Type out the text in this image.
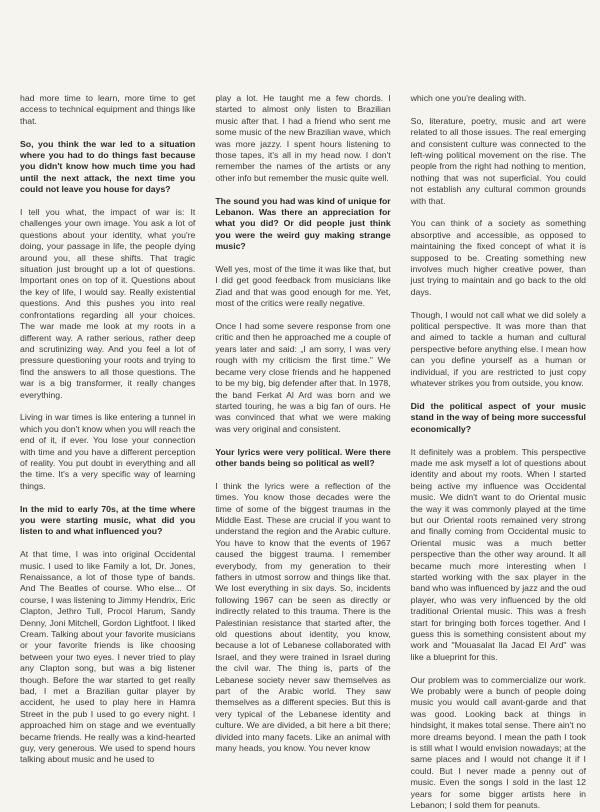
had more time to learn, more time to get access to technical equipment and things like that.

So, you think the war led to a situation where you had to do things fast because you didn't know how much time you had until the next attack, the next time you could not leave you house for days?

I tell you what, the impact of war is: It challenges your own image. You ask a lot of questions about your identity, what you're doing, your passage in life, the people dying around you, all these shifts. That tragic situation just brought up a lot of questions. Important ones on top of it. Questions about the key of life, I would say. Really existential questions. And this pushes you into real confrontations regarding all your choices. The war made me look at my roots in a different way. A rather serious, rather deep and scrutinizing way. And you feel a lot of pressure questioning your roots and trying to find the answers to all those questions. The war is a big transformer, it really changes everything.

Living in war times is like entering a tunnel in which you don't know when you will reach the end of it, if ever. You lose your connection with time and you have a different perception of reality. You put doubt in everything and all the time. It's a very specific way of learning things.

In the mid to early 70s, at the time where you were starting music, what did you listen to and what influenced you?

At that time, I was into original Occidental music. I used to like Family a lot, Dr. Jones, Renaissance, a lot of those type of bands. And The Beatles of course. Who else... Of course, I was listening to Jimmy Hendrix, Eric Clapton, Jethro Tull, Procol Harum, Sandy Denny, Joni Mitchell, Gordon Lightfoot. I liked Cream. Talking about your favorite musicians or your favorite friends is like choosing between your two eyes. I never tried to play any Clapton song, but was a big listener though. Before the war started to get really bad, I met a Brazilian guitar player by accident, he used to play here in Hamra Street in the pub I used to go every night. I approached him on stage and we eventually became friends. He really was a kind-hearted guy, very generous. We used to spend hours talking about music and he used to

play a lot. He taught me a few chords. I started to almost only listen to Brazilian music after that. I had a friend who sent me some music of the new Brazilian wave, which was more jazzy. I spent hours listening to those tapes, it's all in my head now. I don't remember the names of the artists or any other info but remember the music quite well.

The sound you had was kind of unique for Lebanon. Was there an appreciation for what you did? Or did people just think you were the weird guy making strange music?

Well yes, most of the time it was like that, but I did get good feedback from musicians like Ziad and that was good enough for me. Yet, most of the critics were really negative.

Once I had some severe response from one critic and then he approached me a couple of years later and said: „I am sorry, I was very rough with my criticism the first time." We became very close friends and he happened to be my big, big defender after that. In 1978, the band Ferkat Al Ard was born and we started touring, he was a big fan of ours. He was convinced that what we were making was very original and consistent.

Your lyrics were very political. Were there other bands being so political as well?

I think the lyrics were a reflection of the times. You know those decades were the time of some of the biggest traumas in the Middle East. These are crucial if you want to understand the region and the Arabic culture. You have to know that the events of 1967 caused the biggest trauma. I remember everybody, from my generation to their fathers in utmost sorrow and things like that. We lost everything in six days. So, incidents following 1967 can be seen as directly or indirectly related to this trauma. There is the Palestinian resistance that started after, the old questions about identity, you know, because a lot of Lebanese collaborated with Israel, and they were trained in Israel during the civil war. The thing is, parts of the Lebanese society never saw themselves as part of the Arabic world. They saw themselves as a different species. But this is very typical of the Lebanese identity and culture. We are divided, a bit here a bit there; divided into many facets. Like an animal with many heads, you know. You never know

which one you're dealing with.

So, literature, poetry, music and art were related to all those issues. The real emerging and consistent culture was connected to the left-wing political movement on the rise. The people from the right had nothing to mention, nothing that was not superficial. You could not establish any cultural common grounds with that.

You can think of a society as something absorptive and accessible, as opposed to maintaining the fixed concept of what it is supposed to be. Creating something new involves much higher creative power, than just trying to maintain and go back to the old days.

Though, I would not call what we did solely a political perspective. It was more than that and aimed to tackle a human and cultural perspective before anything else. I mean how can you define yourself as a human or individual, if you are restricted to just copy whatever strikes you from outside, you know.

Did the political aspect of your music stand in the way of being more successful economically?

It definitely was a problem. This perspective made me ask myself a lot of questions about identity and about my roots. When I started being active my influence was Occidental music. We didn't want to do Oriental music the way it was commonly played at the time but our Oriental roots remained very strong and finally coming from Occidental music to Oriental music was a much better perspective than the other way around. It all became much more interesting when I started working with the sax player in the band who was influenced by jazz and the oud player, who was very influenced by the old traditional Oriental music. This was a fresh start for bringing both forces together. And I guess this is something consistent about my work and "Mouasalat lla Jacad El Ard" was like a blueprint for this.

Our problem was to commercialize our work. We probably were a bunch of people doing music you would call avant-garde and that was good. Looking back at things in hindsight, it makes total sense. There ain't no more dreams beyond. I mean the path I took is still what I would envision nowadays; at the same places and I would not change it if I could. But I never made a penny out of music. Even the songs I sold in the last 12 years for some bigger artists here in Lebanon; I sold them for peanuts.
